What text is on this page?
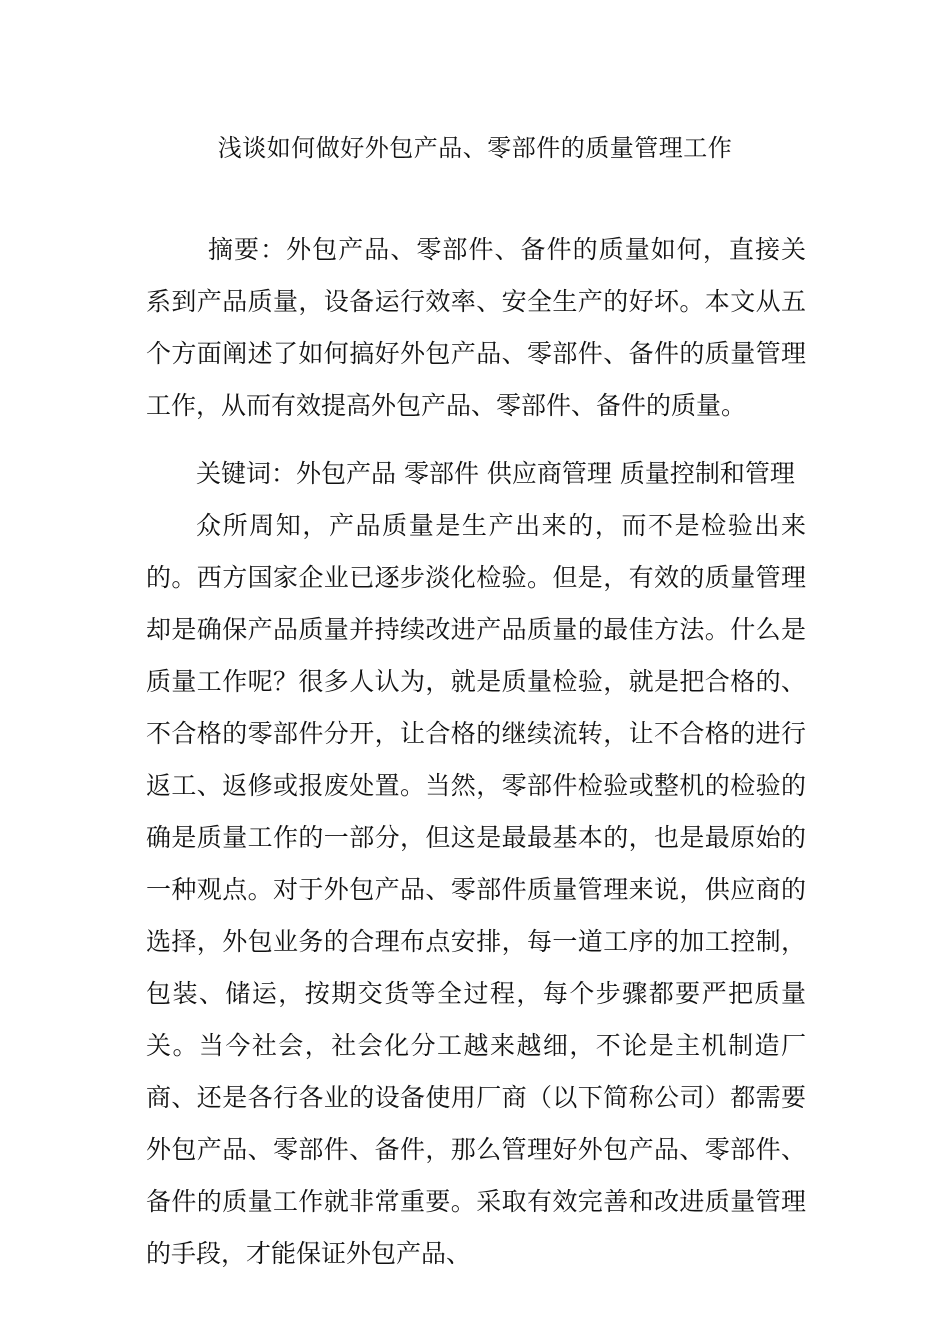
浅谈如何做好外包产品、零部件的质量管理工作

摘要：外包产品、零部件、备件的质量如何，直接关系到产品质量，设备运行效率、安全生产的好坏。本文从五个方面阐述了如何搞好外包产品、零部件、备件的质量管理工作，从而有效提高外包产品、零部件、备件的质量。

关键词：外包产品 零部件 供应商管理 质量控制和管理

众所周知，产品质量是生产出来的，而不是检验出来的。西方国家企业已逐步淡化检验。但是，有效的质量管理却是确保产品质量并持续改进产品质量的最佳方法。什么是质量工作呢？很多人认为，就是质量检验，就是把合格的、不合格的零部件分开，让合格的继续流转，让不合格的进行返工、返修或报废处置。当然，零部件检验或整机的检验的确是质量工作的一部分，但这是最最基本的，也是最原始的一种观点。对于外包产品、零部件质量管理来说，供应商的选择，外包业务的合理布点安排，每一道工序的加工控制，包装、储运，按期交货等全过程，每个步骤都要严把质量关。当今社会，社会化分工越来越细，不论是主机制造厂商、还是各行各业的设备使用厂商（以下简称公司）都需要外包产品、零部件、备件，那么管理好外包产品、零部件、备件的质量工作就非常重要。采取有效完善和改进质量管理的手段，才能保证外包产品、
